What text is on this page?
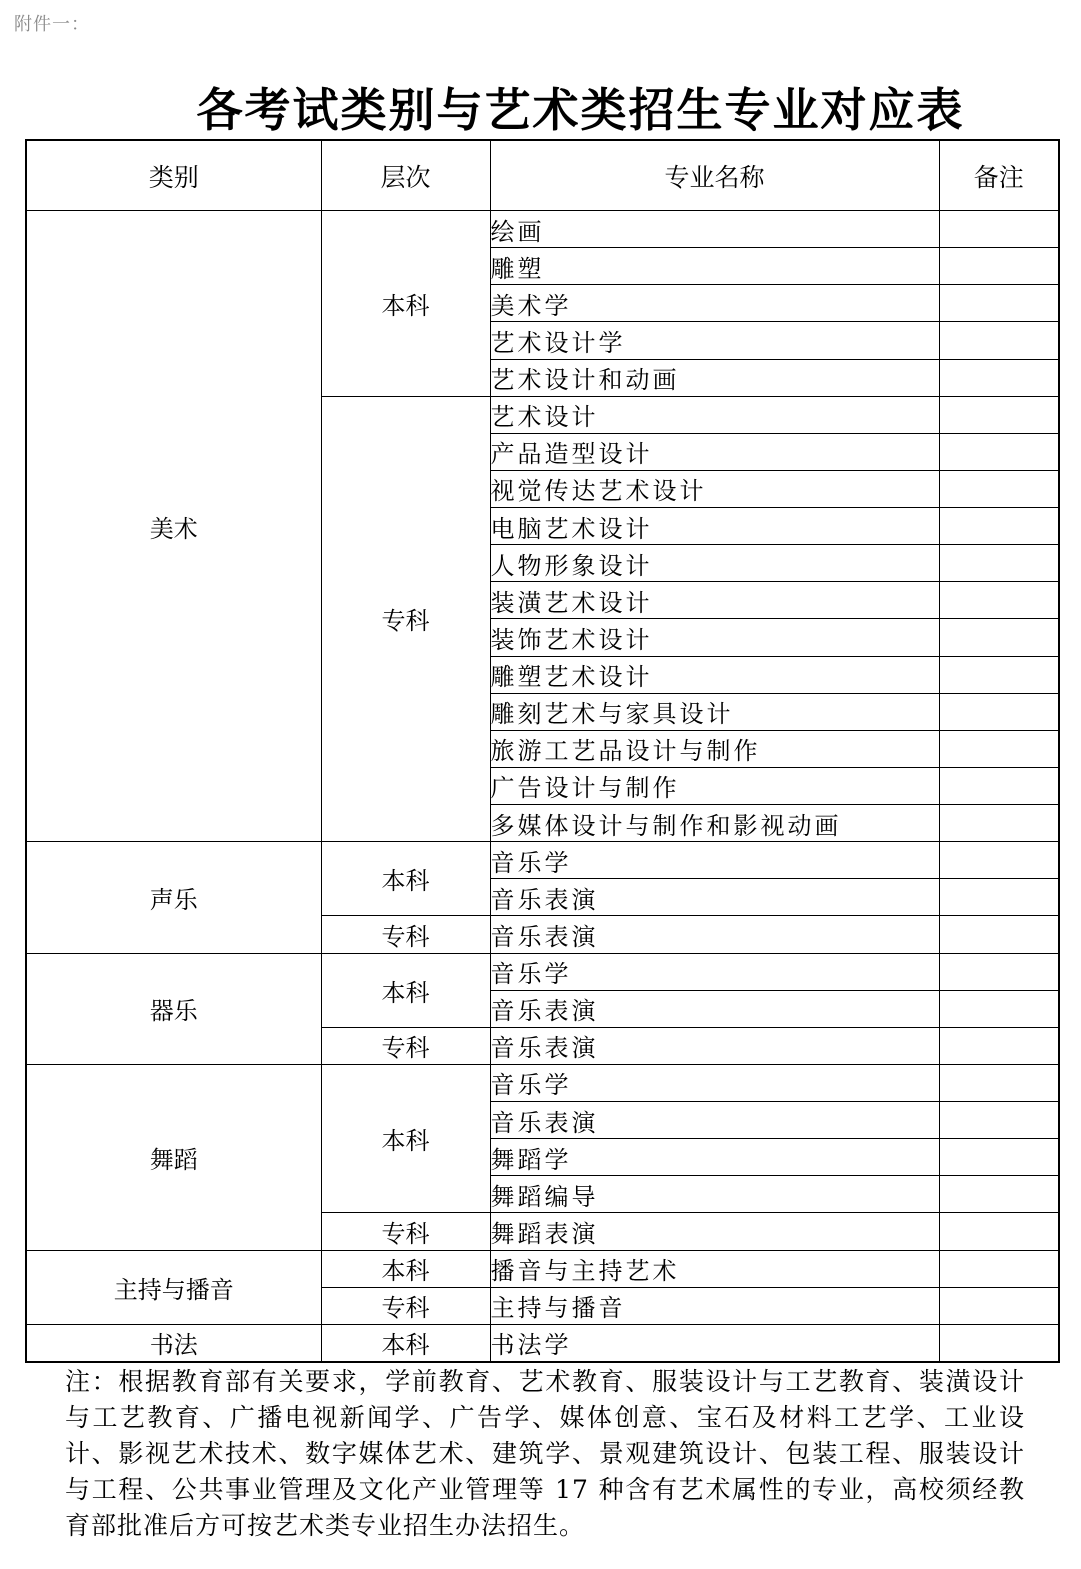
附件一：
各考试类别与艺术类招生专业对应表
类别	层次	专业名称	备注
美术	本科	绘画	
		雕塑	
		美术学	
		艺术设计学	
		艺术设计和动画	
	专科	艺术设计	
		产品造型设计	
		视觉传达艺术设计	
		电脑艺术设计	
		人物形象设计	
		装潢艺术设计	
		装饰艺术设计	
		雕塑艺术设计	
		雕刻艺术与家具设计	
		旅游工艺品设计与制作	
		广告设计与制作	
		多媒体设计与制作和影视动画	
声乐	本科	音乐学	
		音乐表演	
	专科	音乐表演	
器乐	本科	音乐学	
		音乐表演	
	专科	音乐表演	
舞蹈	本科	音乐学	
		音乐表演	
		舞蹈学	
		舞蹈编导	
	专科	舞蹈表演	
主持与播音	本科	播音与主持艺术	
	专科	主持与播音	
书法	本科	书法学	
注：根据教育部有关要求，学前教育、艺术教育、服装设计与工艺教育、装潢设计与工艺教育、广播电视新闻学、广告学、媒体创意、宝石及材料工艺学、工业设计、影视艺术技术、数字媒体艺术、建筑学、景观建筑设计、包装工程、服装设计与工程、公共事业管理及文化产业管理等 17 种含有艺术属性的专业，高校须经教育部批准后方可按艺术类专业招生办法招生。
